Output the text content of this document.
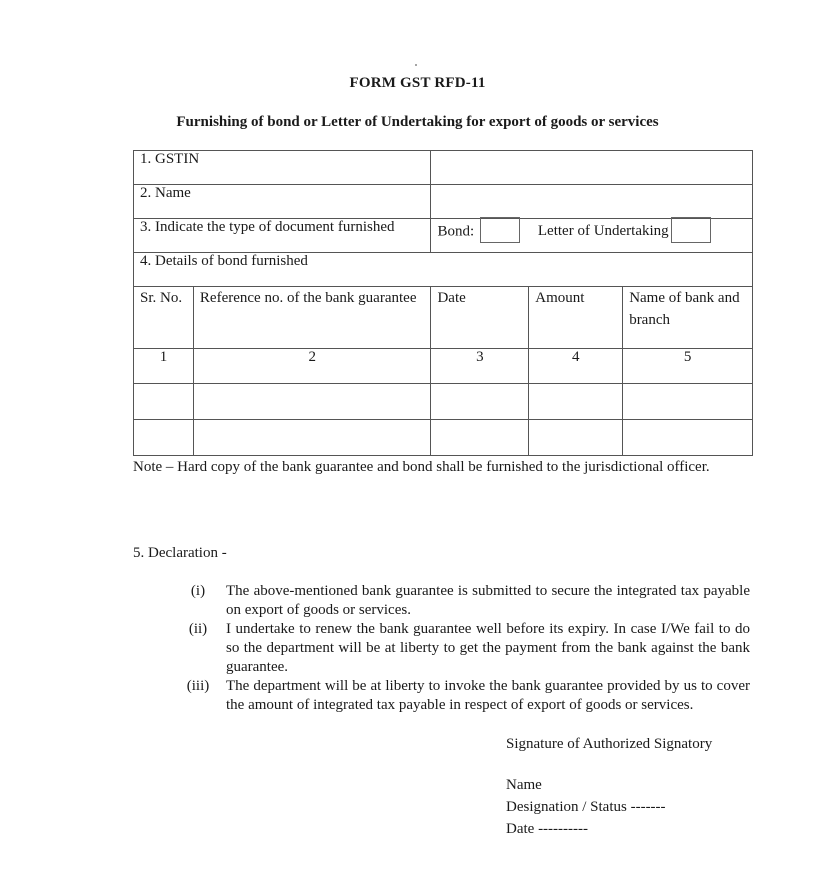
FORM GST RFD-11
Furnishing of bond or Letter of Undertaking for export of goods or services
1. GSTIN				
2. Name				
3. Indicate the type of document furnished		Bond: Letter of Undertaking		
4. Details of bond furnished				
Sr. No.	Reference no. of the bank guarantee	Date	Amount	Name of bank and branch
1	2	3	4	5

Note – Hard copy of the bank guarantee and bond shall be furnished to the jurisdictional officer.
5. Declaration -
(i)	The above-mentioned bank guarantee is submitted to secure the integrated tax payable on export of goods or services.
(ii)	I undertake to renew the bank guarantee well before its expiry. In case I/We fail to do so the department will be at liberty to get the payment from the bank against the bank guarantee.
(iii)	The department will be at liberty to invoke the bank guarantee provided by us to cover the amount of integrated tax payable in respect of export of goods or services.
Signature of Authorized Signatory
Name
Designation / Status -------
Date ----------
